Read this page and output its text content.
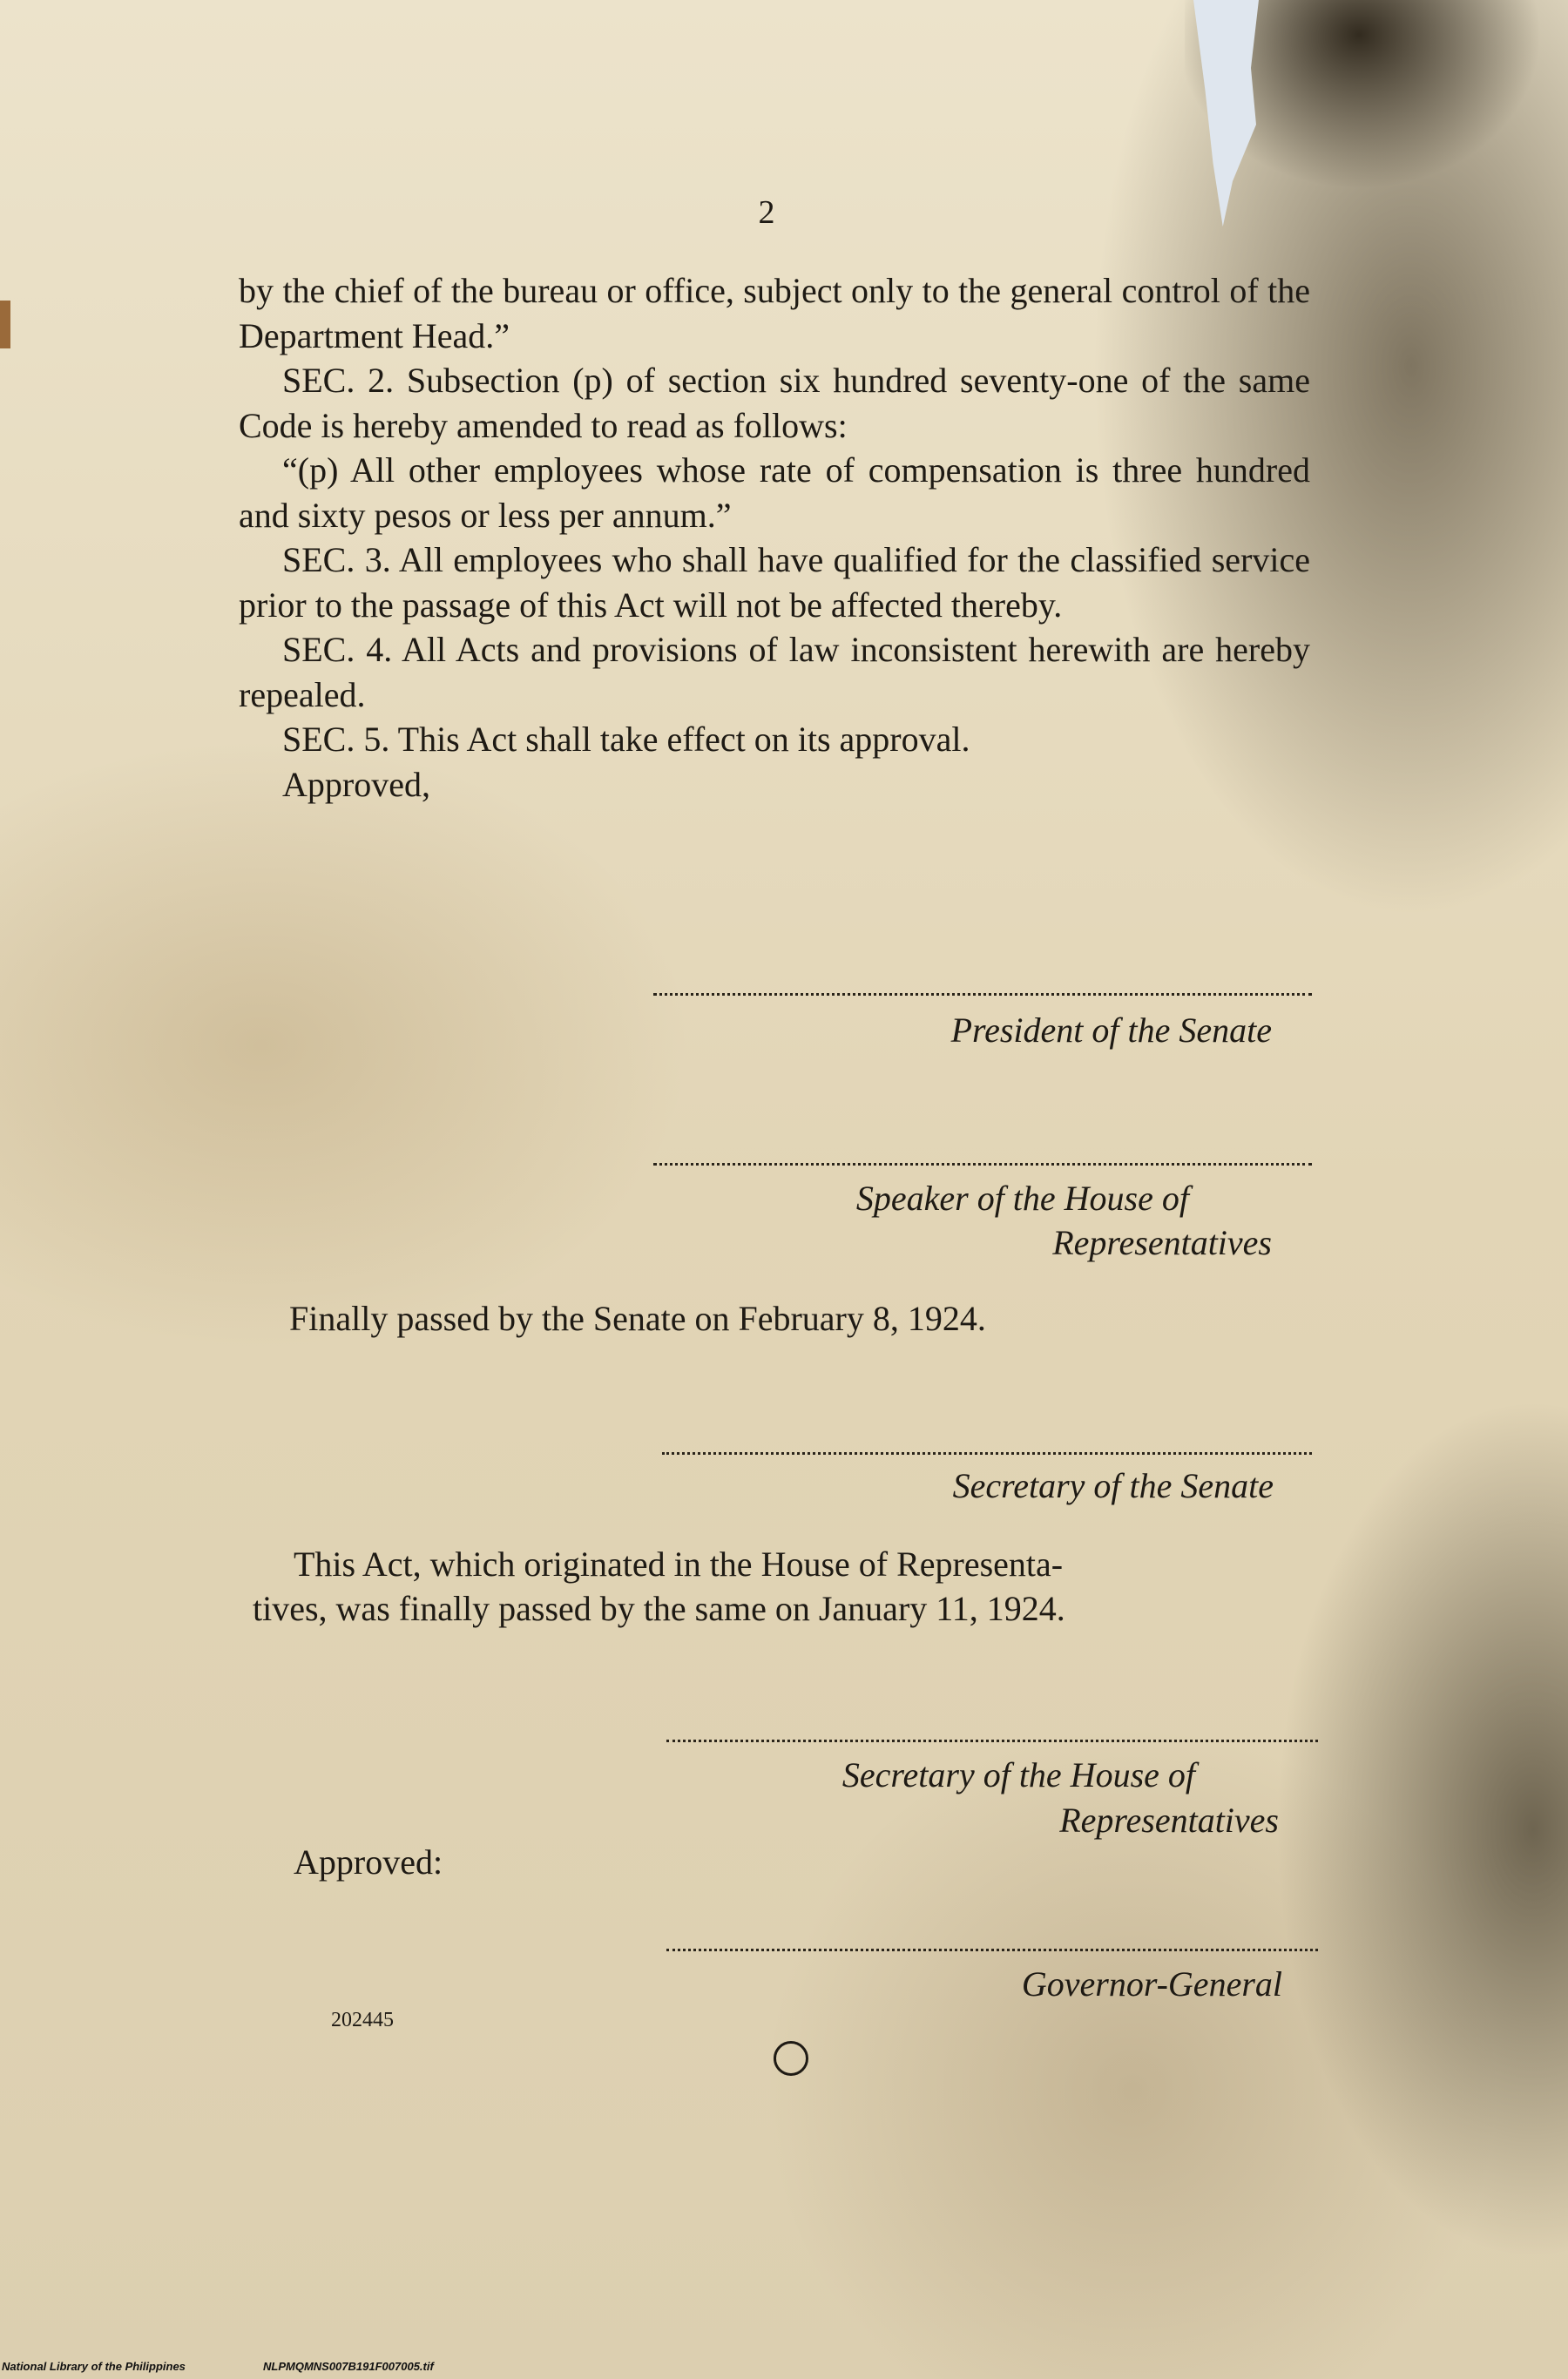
2

by the chief of the bureau or office, subject only to the general control of the Department Head.”

SEC. 2. Subsection (p) of section six hundred seventy-one of the same Code is hereby amended to read as follows:

“(p) All other employees whose rate of compensation is three hundred and sixty pesos or less per annum.”

SEC. 3. All employees who shall have qualified for the classified service prior to the passage of this Act will not be affected thereby.

SEC. 4. All Acts and provisions of law inconsistent herewith are hereby repealed.

SEC. 5. This Act shall take effect on its approval.

Approved,

President of the Senate
Speaker of the House of
Representatives
Finally passed by the Senate on February 8, 1924.
Secretary of the Senate
This Act, which originated in the House of Representa-
tives, was finally passed by the same on January 11, 1924.
Secretary of the House of
Representatives
Approved:
Governor-General
202445
National Library of the Philippines	NLPMQMNS007B191F007005.tif
